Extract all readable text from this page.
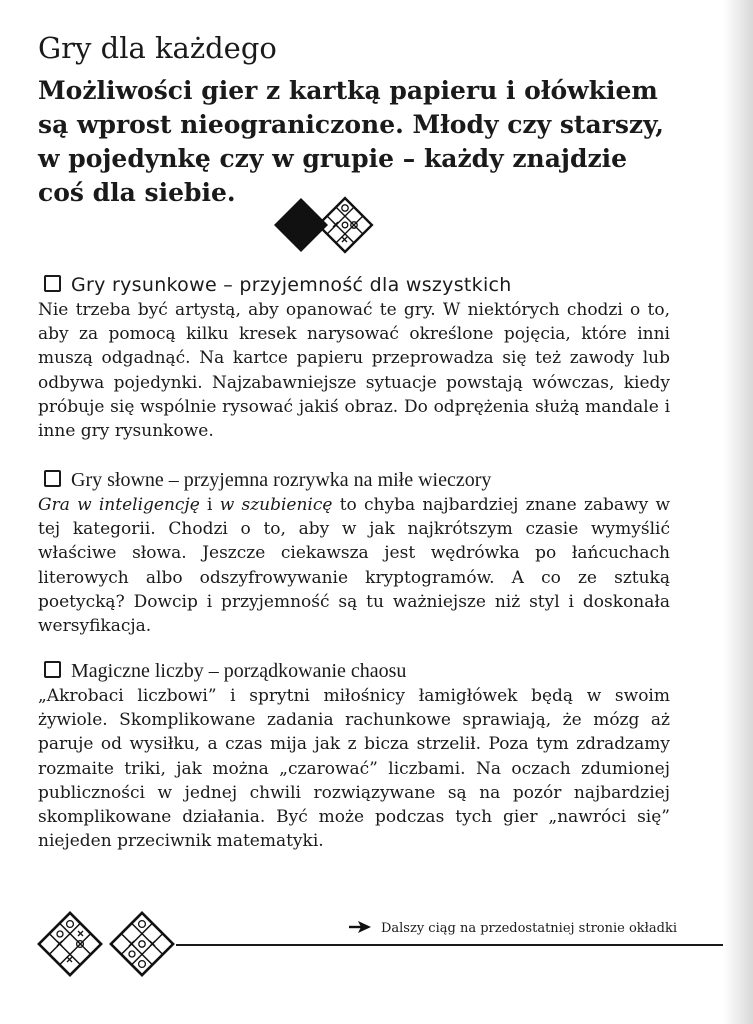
Gry dla każdego

Możliwości gier z kartką papieru i ołówkiem są wprost nieograniczone. Młody czy starszy, w pojedynkę czy w grupie – każdy znajdzie coś dla siebie.

Gry rysunkowe – przyjemność dla wszystkich

Nie trzeba być artystą, aby opanować te gry. W niektórych chodzi o to, aby za pomocą kilku kresek narysować określone pojęcia, które inni muszą odgadnąć. Na kartce papieru przeprowadza się też zawody lub odbywa pojedynki. Najzabawniejsze sytuacje powstają wówczas, kiedy próbuje się wspólnie rysować jakiś obraz. Do odprężenia służą mandale i inne gry rysunkowe.

Gry słowne – przyjemna rozrywka na miłe wieczory

Gra w inteligencję i w szubienicę to chyba najbardziej znane zabawy w tej kategorii. Chodzi o to, aby w jak najkrótszym czasie wymyślić właściwe słowa. Jeszcze ciekawsza jest wędrówka po łańcuchach literowych albo odszyfrowywanie kryptogramów. A co ze sztuką poetycką? Dowcip i przyjemność są tu ważniejsze niż styl i doskonała wersyfikacja.

Magiczne liczby – porządkowanie chaosu

„Akrobaci liczbowi” i sprytni miłośnicy łamigłówek będą w swoim żywiole. Skomplikowane zadania rachunkowe sprawiają, że mózg aż paruje od wysiłku, a czas mija jak z bicza strzelił. Poza tym zdradzamy rozmaite triki, jak można „czarować” liczbami. Na oczach zdumionej publiczności w jednej chwili rozwiązywane są na pozór najbardziej skomplikowane działania. Być może podczas tych gier „nawróci się” niejeden przeciwnik matematyki.

Dalszy ciąg na przedostatniej stronie okładki
